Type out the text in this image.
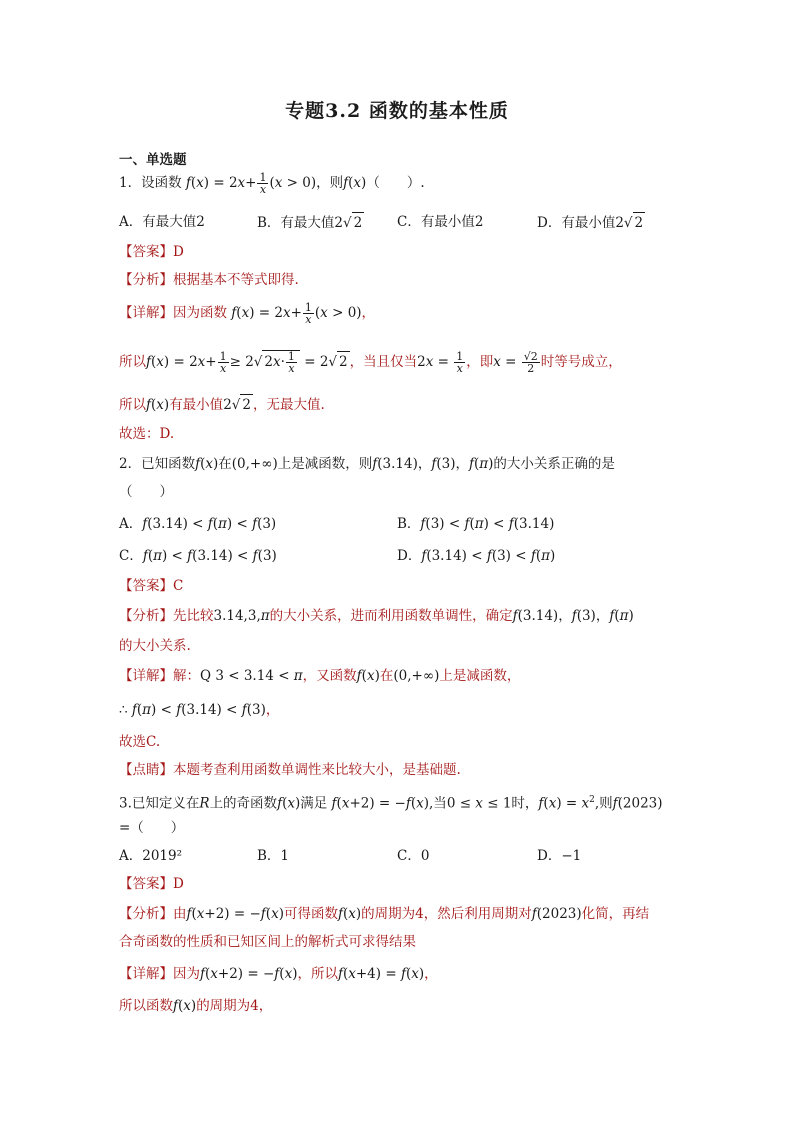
专题3.2 函数的基本性质
一、单选题
1．设函数 $f(x) = 2x+ \frac{1}{x} (x > 0)$，则f(x)（　　）.
A．有最大值2	B．有最大值2√ 2	C．有最小值2	D．有最小值2√ 2
【答案】D
【分析】根据基本不等式即得.
【详解】因为函数 $f(x) = 2x+ \frac{1}{x} (x > 0)$，
所以$f(x) = 2x+ \frac{1}{x} \ge 2√$ $2x\cdot \frac{1}{x} = 2√$ 2 ，当且仅当$2x = \frac{1}{x}$ ，即$x = \frac{√2}{2}$ 时等号成立，
所以f(x)有最小值2√ 2 ，无最大值.
故选：D.
2．已知函数f(x)在(0,+∞)上是减函数，则f(3.14)，f(3)，f(π)的大小关系正确的是
（　　）
A．f(3.14) < f(π) < f(3)	B．f(3) < f(π) < f(3.14)
C．f(π) < f(3.14) < f(3)	D．f(3.14) < f(3) < f(π)
【答案】C
【分析】先比较3.14,3,π的大小关系，进而利用函数单调性，确定f(3.14)，f(3)，f(π)
的大小关系.
【详解】解：Q 3 < 3.14 < π，又函数f(x)在(0,+∞)上是减函数，
∴ f(π) < f(3.14) < f(3)，
故选C.
【点睛】本题考查利用函数单调性来比较大小，是基础题.
3.已知定义在R上的奇函数f(x)满足 f(x+2) = −f(x),当0 ≤ x ≤ 1时，$f(x) = x^2$,则f(2023)
=（　　）
A．2019²	B．1	C．0	D．−1
【答案】D
【分析】由f(x+2) = −f(x)可得函数f(x)的周期为4，然后利用周期对f(2023)化简，再结
合奇函数的性质和已知区间上的解析式可求得结果
【详解】因为f(x+2) = −f(x)，所以f(x+4) = f(x)，
所以函数f(x)的周期为4，
